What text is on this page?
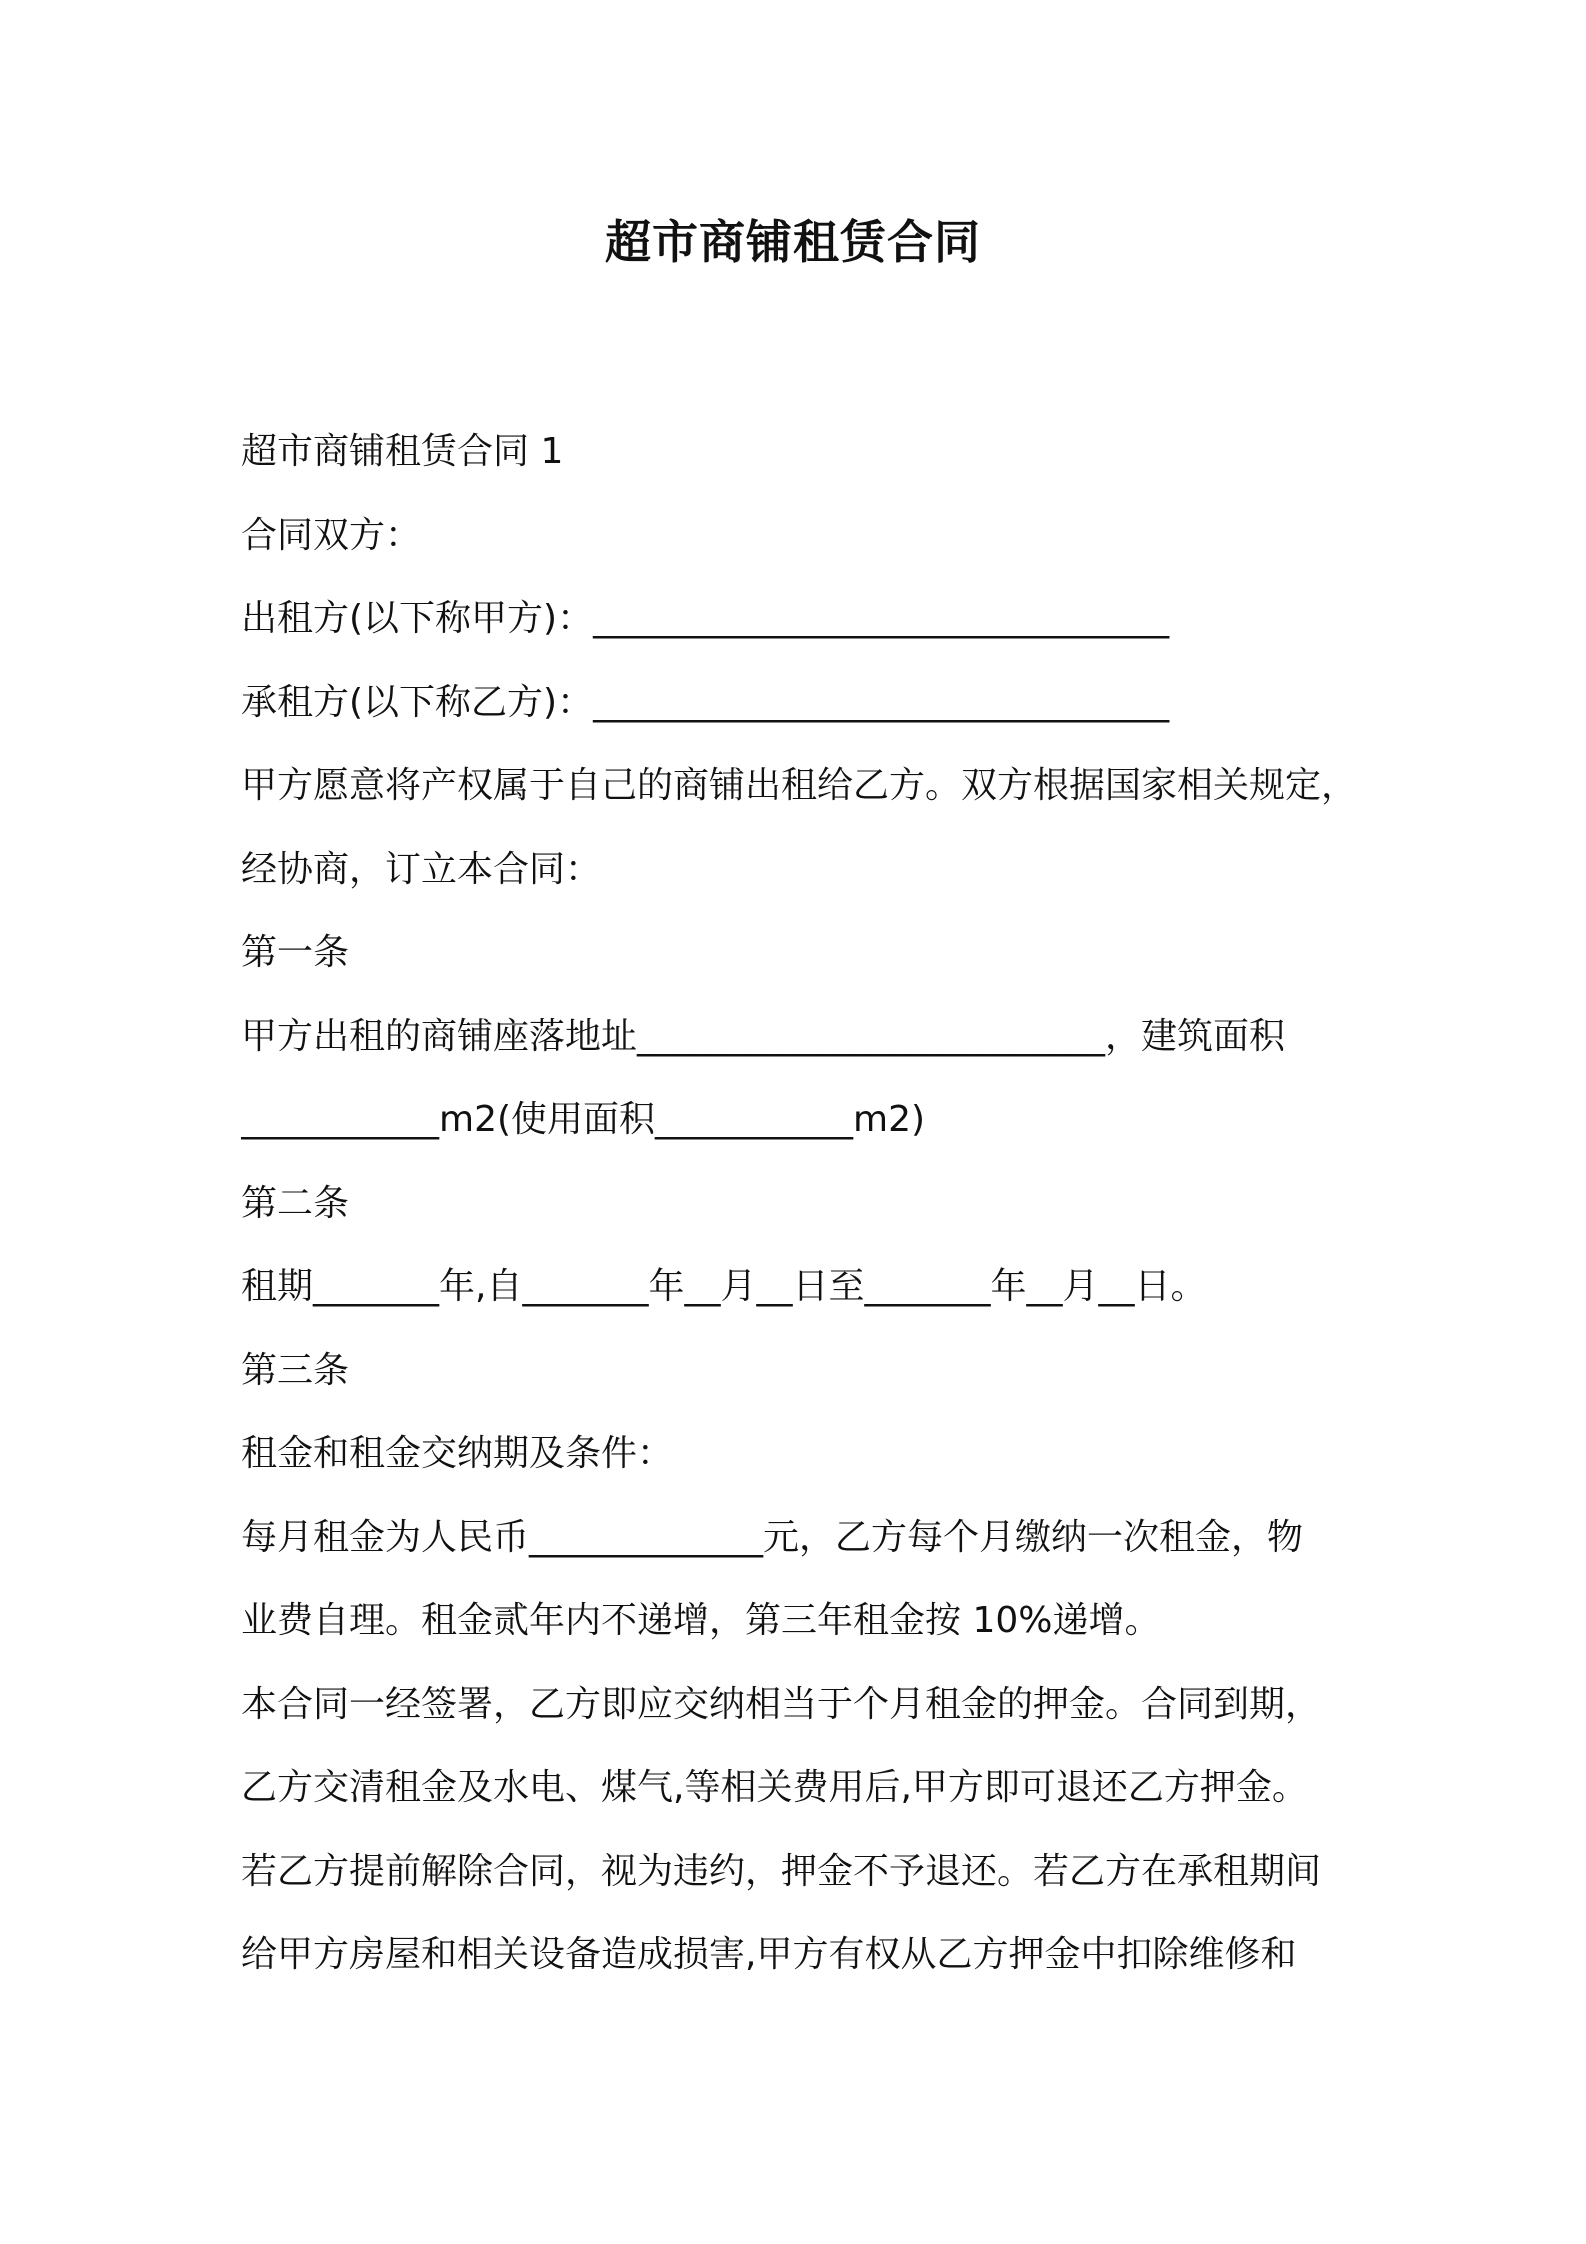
超市商铺租赁合同
超市商铺租赁合同 1
合同双方：
出租方(以下称甲方)：________________________________
承租方(以下称乙方)：________________________________
甲方愿意将产权属于自己的商铺出租给乙方。双方根据国家相关规定，
经协商，订立本合同：
第一条
甲方出租的商铺座落地址__________________________，建筑面积
___________m2(使用面积___________m2)
第二条
租期_______年,自_______年__月__日至_______年__月__日。
第三条
租金和租金交纳期及条件：
每月租金为人民币_____________元，乙方每个月缴纳一次租金，物
业费自理。租金贰年内不递增，第三年租金按 10%递增。
本合同一经签署，乙方即应交纳相当于个月租金的押金。合同到期，
乙方交清租金及水电、煤气,等相关费用后,甲方即可退还乙方押金。
若乙方提前解除合同，视为违约，押金不予退还。若乙方在承租期间
给甲方房屋和相关设备造成损害,甲方有权从乙方押金中扣除维修和
